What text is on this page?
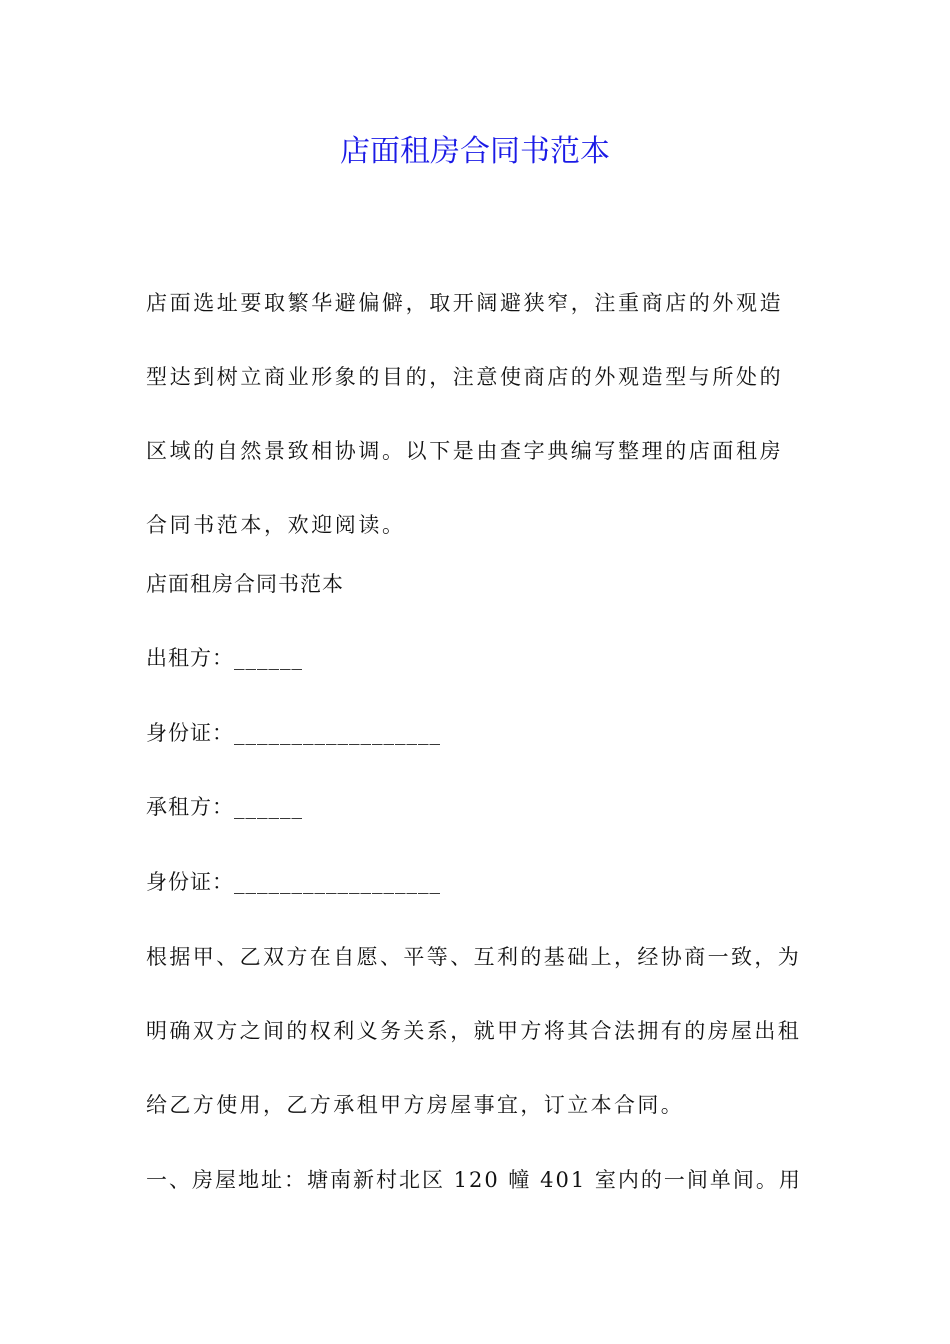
店面租房合同书范本

店面选址要取繁华避偏僻，取开阔避狭窄，注重商店的外观造型达到树立商业形象的目的，注意使商店的外观造型与所处的区域的自然景致相协调。以下是由查字典编写整理的店面租房合同书范本，欢迎阅读。

店面租房合同书范本

出租方：______

身份证：__________________

承租方：______

身份证：__________________

根据甲、乙双方在自愿、平等、互利的基础上，经协商一致，为明确双方之间的权利义务关系，就甲方将其合法拥有的房屋出租给乙方使用，乙方承租甲方房屋事宜，订立本合同。

一、房屋地址：塘南新村北区 120 幢 401 室内的一间单间。用
